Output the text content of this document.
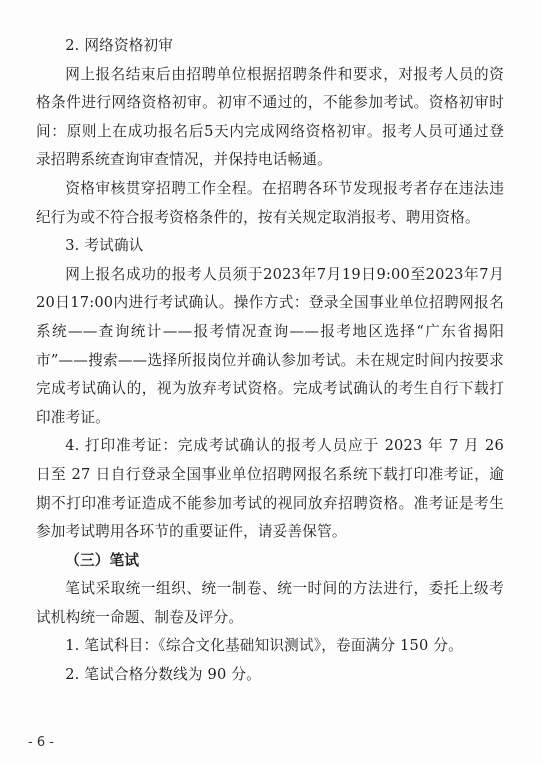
2. 网络资格初审

网上报名结束后由招聘单位根据招聘条件和要求，对报考人员的资格条件进行网络资格初审。初审不通过的，不能参加考试。资格初审时间：原则上在成功报名后5天内完成网络资格初审。报考人员可通过登录招聘系统查询审查情况，并保持电话畅通。

资格审核贯穿招聘工作全程。在招聘各环节发现报考者存在违法违纪行为或不符合报考资格条件的，按有关规定取消报考、聘用资格。

3. 考试确认

网上报名成功的报考人员须于2023年7月19日9:00至2023年7月20日17:00内进行考试确认。操作方式：登录全国事业单位招聘网报名系统——查询统计——报考情况查询——报考地区选择“广东省揭阳市”——搜索——选择所报岗位并确认参加考试。未在规定时间内按要求完成考试确认的，视为放弃考试资格。完成考试确认的考生自行下载打印准考证。

4. 打印准考证：完成考试确认的报考人员应于 2023 年 7 月 26 日至 27 日自行登录全国事业单位招聘网报名系统下载打印准考证，逾期不打印准考证造成不能参加考试的视同放弃招聘资格。准考证是考生参加考试聘用各环节的重要证件，请妥善保管。

（三）笔试

笔试采取统一组织、统一制卷、统一时间的方法进行，委托上级考试机构统一命题、制卷及评分。

1. 笔试科目：《综合文化基础知识测试》，卷面满分 150 分。

2. 笔试合格分数线为 90 分。

- 6 -
